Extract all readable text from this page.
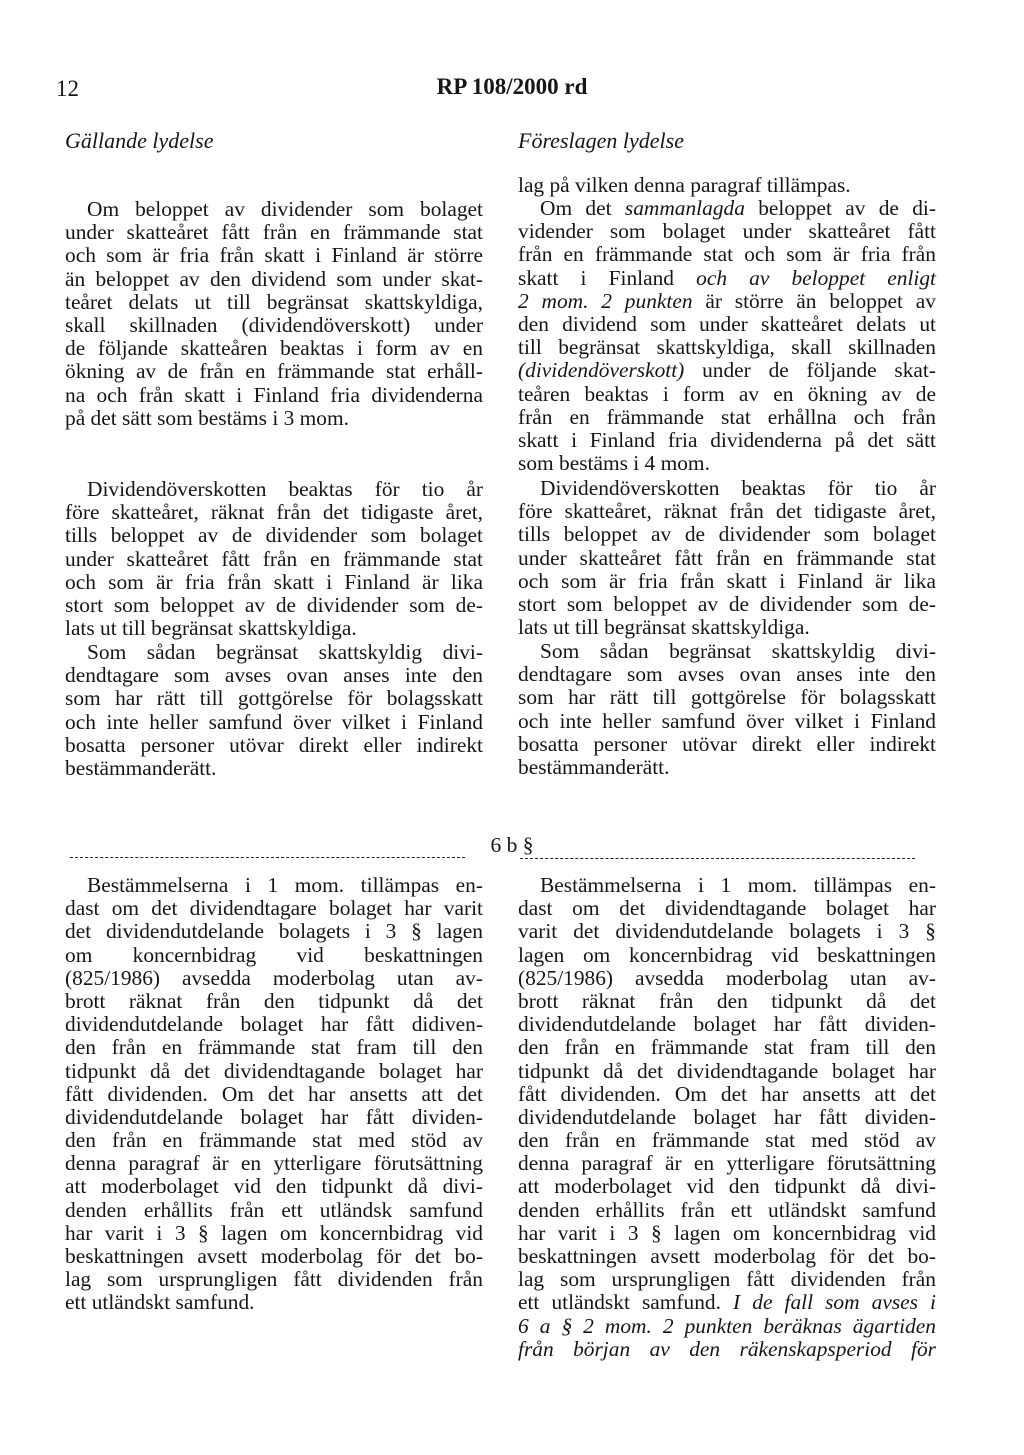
12	RP 108/2000 rd
Gällande lydelse	Föreslagen lydelse
Om beloppet av dividender som bolaget
under skatteåret fått från en främmande stat
och som är fria från skatt i Finland är större
än beloppet av den dividend som under skat-
teåret delats ut till begränsat skattskyldiga,
skall skillnaden (dividendöverskott) under
de följande skatteåren beaktas i form av en
ökning av de från en främmande stat erhåll-
na och från skatt i Finland fria dividenderna
på det sätt som bestäms i 3 mom.
Dividendöverskotten beaktas för tio år
före skatteåret, räknat från det tidigaste året,
tills beloppet av de dividender som bolaget
under skatteåret fått från en främmande stat
och som är fria från skatt i Finland är lika
stort som beloppet av de dividender som de-
lats ut till begränsat skattskyldiga.
Som sådan begränsat skattskyldig divi-
dendtagare som avses ovan anses inte den
som har rätt till gottgörelse för bolagsskatt
och inte heller samfund över vilket i Finland
bosatta personer utövar direkt eller indirekt
bestämmanderätt.
Bestämmelserna i 1 mom. tillämpas en-
dast om det dividendtagare bolaget har varit
det dividendutdelande bolagets i 3 § lagen
om koncernbidrag vid beskattningen
(825/1986) avsedda moderbolag utan av-
brott räknat från den tidpunkt då det
dividendutdelande bolaget har fått didiven-
den från en främmande stat fram till den
tidpunkt då det dividendtagande bolaget har
fått dividenden. Om det har ansetts att det
dividendutdelande bolaget har fått dividen-
den från en främmande stat med stöd av
denna paragraf är en ytterligare förutsättning
att moderbolaget vid den tidpunkt då divi-
denden erhållits från ett utländsk samfund
har varit i 3 § lagen om koncernbidrag vid
beskattningen avsett moderbolag för det bo-
lag som ursprungligen fått dividenden från
ett utländskt samfund.
6 b §
lag på vilken denna paragraf tillämpas.
Om det sammanlagda beloppet av de di-
vidender som bolaget under skatteåret fått
från en främmande stat och som är fria från
skatt i Finland och av beloppet enligt
2 mom. 2 punkten är större än beloppet av
den dividend som under skatteåret delats ut
till begränsat skattskyldiga, skall skillnaden
(dividendöverskott) under de följande skat-
teåren beaktas i form av en ökning av de
från en främmande stat erhållna och från
skatt i Finland fria dividenderna på det sätt
som bestäms i 4 mom.
Dividendöverskotten beaktas för tio år
före skatteåret, räknat från det tidigaste året,
tills beloppet av de dividender som bolaget
under skatteåret fått från en främmande stat
och som är fria från skatt i Finland är lika
stort som beloppet av de dividender som de-
lats ut till begränsat skattskyldiga.
Som sådan begränsat skattskyldig divi-
dendtagare som avses ovan anses inte den
som har rätt till gottgörelse för bolagsskatt
och inte heller samfund över vilket i Finland
bosatta personer utövar direkt eller indirekt
bestämmanderätt.
Bestämmelserna i 1 mom. tillämpas en-
dast om det dividendtagande bolaget har
varit det dividendutdelande bolagets i 3 §
lagen om koncernbidrag vid beskattningen
(825/1986) avsedda moderbolag utan av-
brott räknat från den tidpunkt då det
dividendutdelande bolaget har fått dividen-
den från en främmande stat fram till den
tidpunkt då det dividendtagande bolaget har
fått dividenden. Om det har ansetts att det
dividendutdelande bolaget har fått dividen-
den från en främmande stat med stöd av
denna paragraf är en ytterligare förutsättning
att moderbolaget vid den tidpunkt då divi-
denden erhållits från ett utländskt samfund
har varit i 3 § lagen om koncernbidrag vid
beskattningen avsett moderbolag för det bo-
lag som ursprungligen fått dividenden från
ett utländskt samfund. I de fall som avses i
6 a § 2 mom. 2 punkten beräknas ägartiden
från början av den räkenskapsperiod för
